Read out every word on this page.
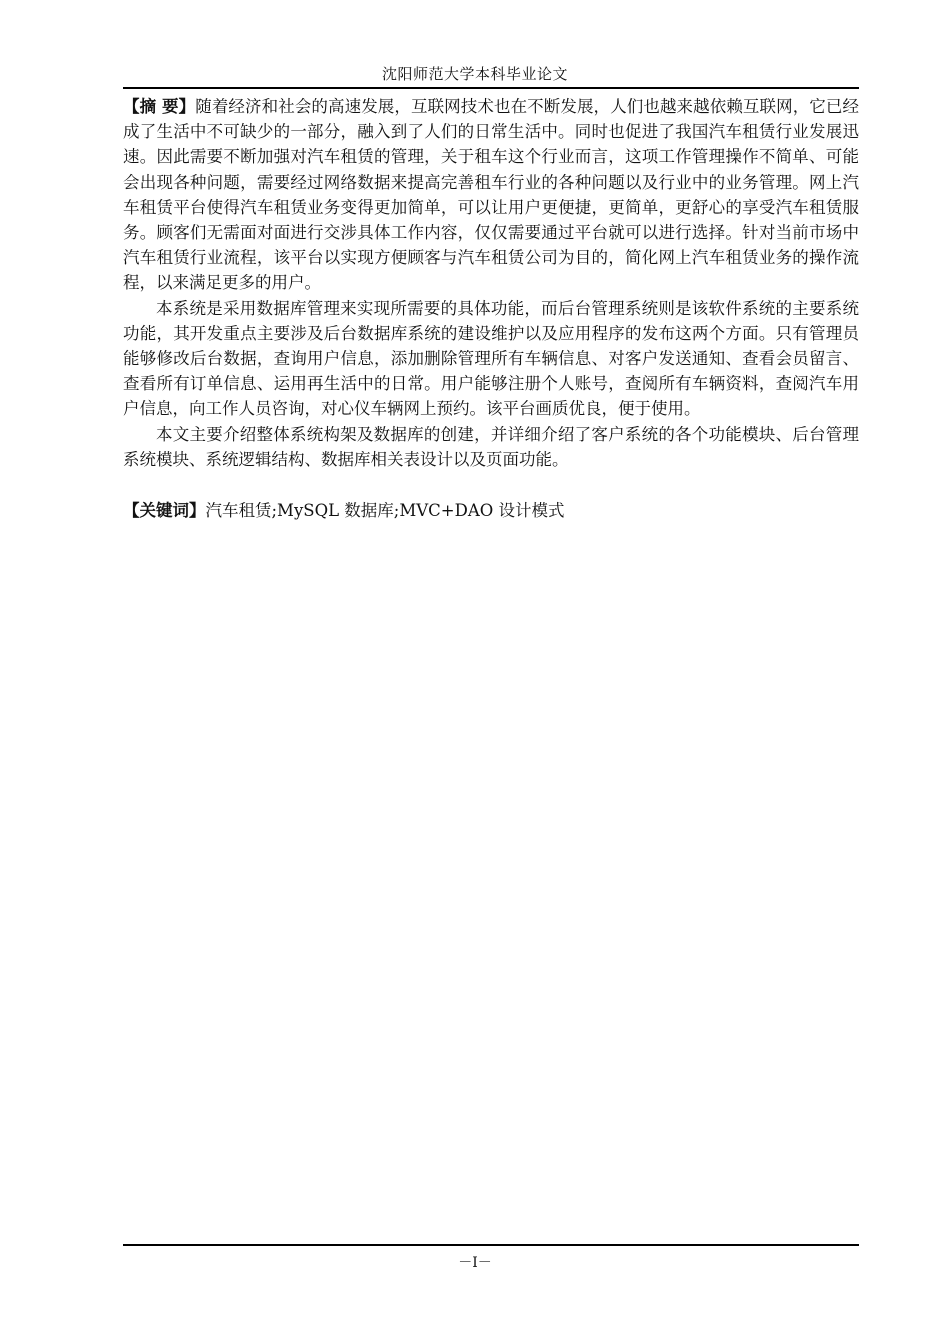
沈阳师范大学本科毕业论文

【摘 要】随着经济和社会的高速发展，互联网技术也在不断发展，人们也越来越依赖互联网，它已经成了生活中不可缺少的一部分，融入到了人们的日常生活中。同时也促进了我国汽车租赁行业发展迅速。因此需要不断加强对汽车租赁的管理，关于租车这个行业而言，这项工作管理操作不简单、可能会出现各种问题，需要经过网络数据来提高完善租车行业的各种问题以及行业中的业务管理。网上汽车租赁平台使得汽车租赁业务变得更加简单，可以让用户更便捷，更简单，更舒心的享受汽车租赁服务。顾客们无需面对面进行交涉具体工作内容，仅仅需要通过平台就可以进行选择。针对当前市场中汽车租赁行业流程，该平台以实现方便顾客与汽车租赁公司为目的，简化网上汽车租赁业务的操作流程，以来满足更多的用户。

本系统是采用数据库管理来实现所需要的具体功能，而后台管理系统则是该软件系统的主要系统功能，其开发重点主要涉及后台数据库系统的建设维护以及应用程序的发布这两个方面。只有管理员能够修改后台数据，查询用户信息，添加删除管理所有车辆信息、对客户发送通知、查看会员留言、查看所有订单信息、运用再生活中的日常。用户能够注册个人账号，查阅所有车辆资料，查阅汽车用户信息，向工作人员咨询，对心仪车辆网上预约。该平台画质优良，便于使用。

本文主要介绍整体系统构架及数据库的创建，并详细介绍了客户系统的各个功能模块、后台管理系统模块、系统逻辑结构、数据库相关表设计以及页面功能。

【关键词】汽车租赁;MySQL 数据库;MVC+DAO 设计模式

－I－
